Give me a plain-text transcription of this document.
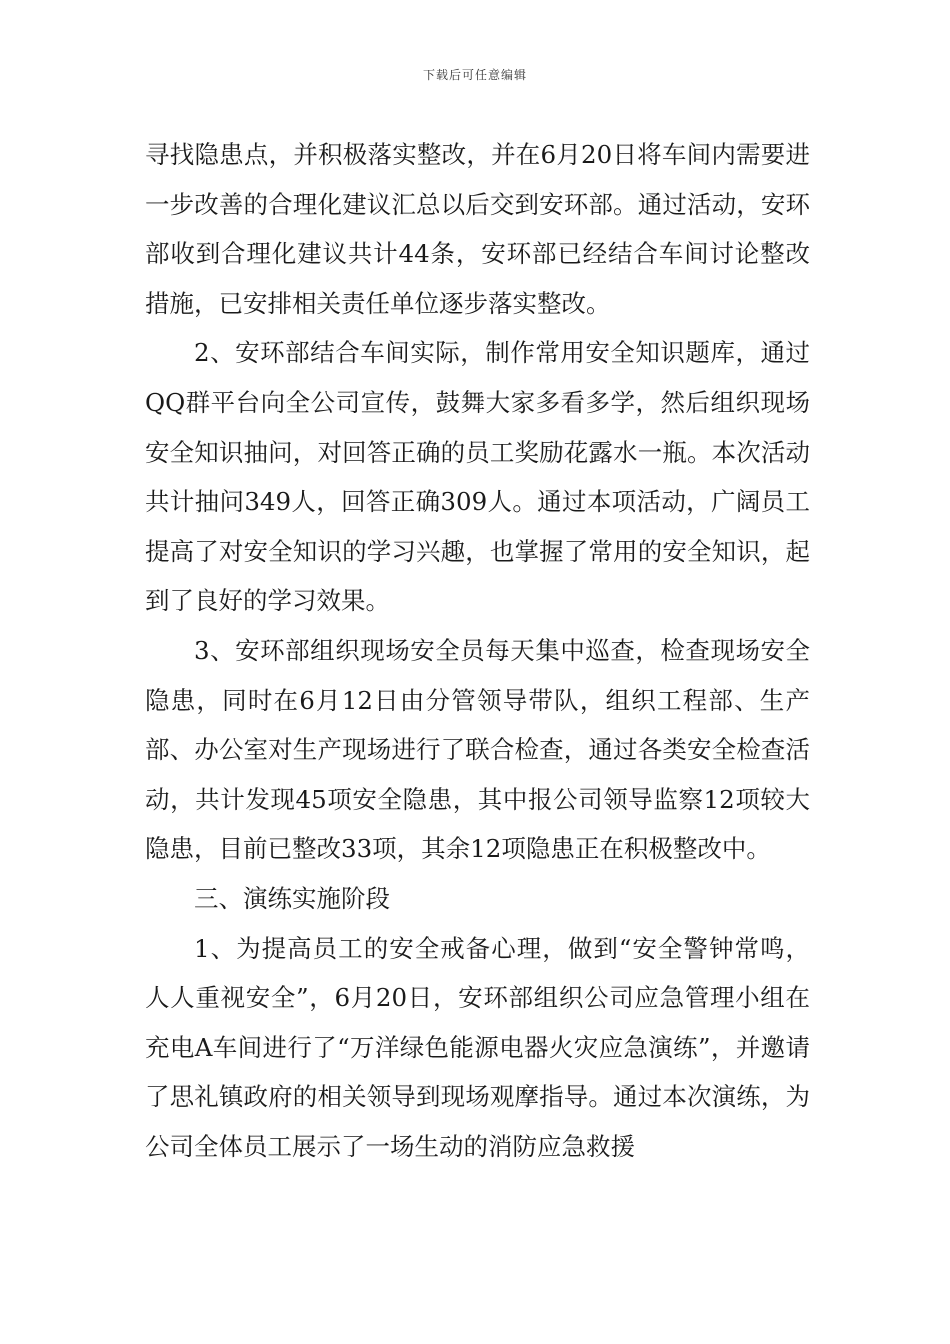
下载后可任意编辑

寻找隐患点，并积极落实整改，并在6月20日将车间内需要进一步改善的合理化建议汇总以后交到安环部。通过活动，安环部收到合理化建议共计44条，安环部已经结合车间讨论整改措施，已安排相关责任单位逐步落实整改。

2、安环部结合车间实际，制作常用安全知识题库，通过QQ群平台向全公司宣传，鼓舞大家多看多学，然后组织现场安全知识抽问，对回答正确的员工奖励花露水一瓶。本次活动共计抽问349人，回答正确309人。通过本项活动，广阔员工提高了对安全知识的学习兴趣，也掌握了常用的安全知识，起到了良好的学习效果。

3、安环部组织现场安全员每天集中巡查，检查现场安全隐患，同时在6月12日由分管领导带队，组织工程部、生产部、办公室对生产现场进行了联合检查，通过各类安全检查活动，共计发现45项安全隐患，其中报公司领导监察12项较大隐患，目前已整改33项，其余12项隐患正在积极整改中。

三、演练实施阶段

1、为提高员工的安全戒备心理，做到“安全警钟常鸣，人人重视安全”，6月20日，安环部组织公司应急管理小组在充电A车间进行了“万洋绿色能源电器火灾应急演练”，并邀请了思礼镇政府的相关领导到现场观摩指导。通过本次演练，为公司全体员工展示了一场生动的消防应急救援
